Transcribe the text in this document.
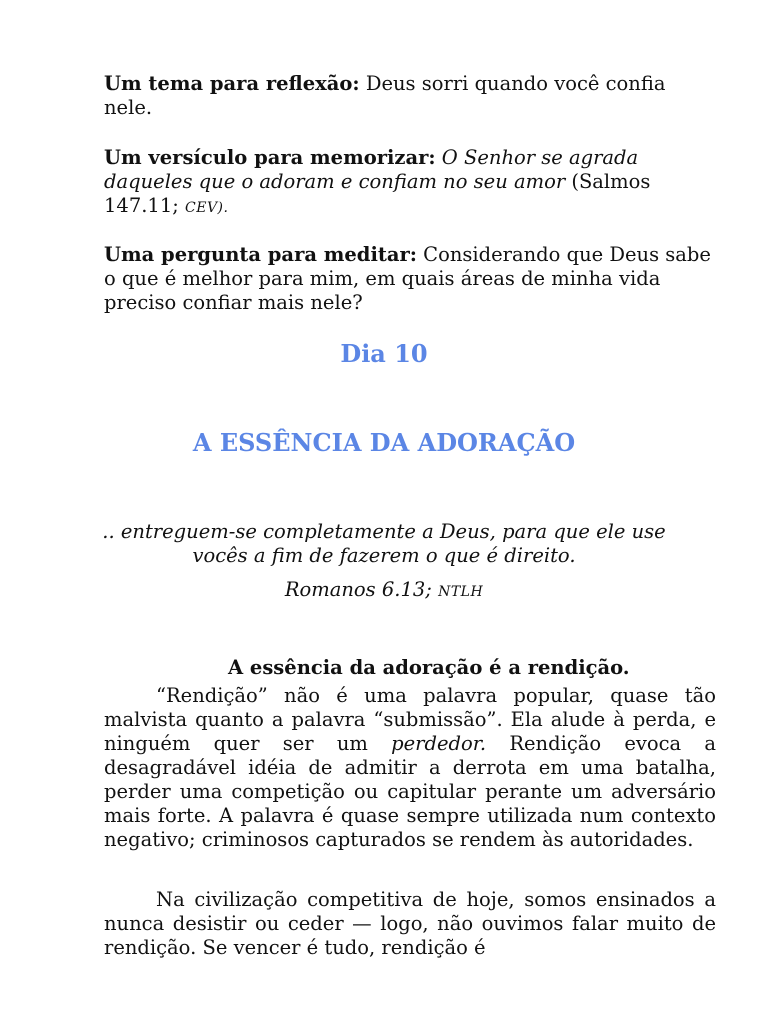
Um tema para reflexão: Deus sorri quando você confia nele.

Um versículo para memorizar: O Senhor se agrada daqueles que o adoram e confiam no seu amor (Salmos 147.11; CEV).

Uma pergunta para meditar: Considerando que Deus sabe o que é melhor para mim, em quais áreas de minha vida preciso confiar mais nele?

Dia 10
A ESSÊNCIA DA ADORAÇÃO
.. entreguem-se completamente a Deus, para que ele use
vocês a fim de fazerem o que é direito.
Romanos 6.13; NTLH

A essência da adoração é a rendição.

“Rendição” não é uma palavra popular, quase tão malvista quanto a palavra “submissão”. Ela alude à perda, e ninguém quer ser um perdedor. Rendição evoca a desagradável idéia de admitir a derrota em uma batalha, perder uma competição ou capitular perante um adversário mais forte. A palavra é quase sempre utilizada num contexto negativo; criminosos capturados se rendem às autoridades.

Na civilização competitiva de hoje, somos ensinados a nunca desistir ou ceder — logo, não ouvimos falar muito de rendição. Se vencer é tudo, rendição é
